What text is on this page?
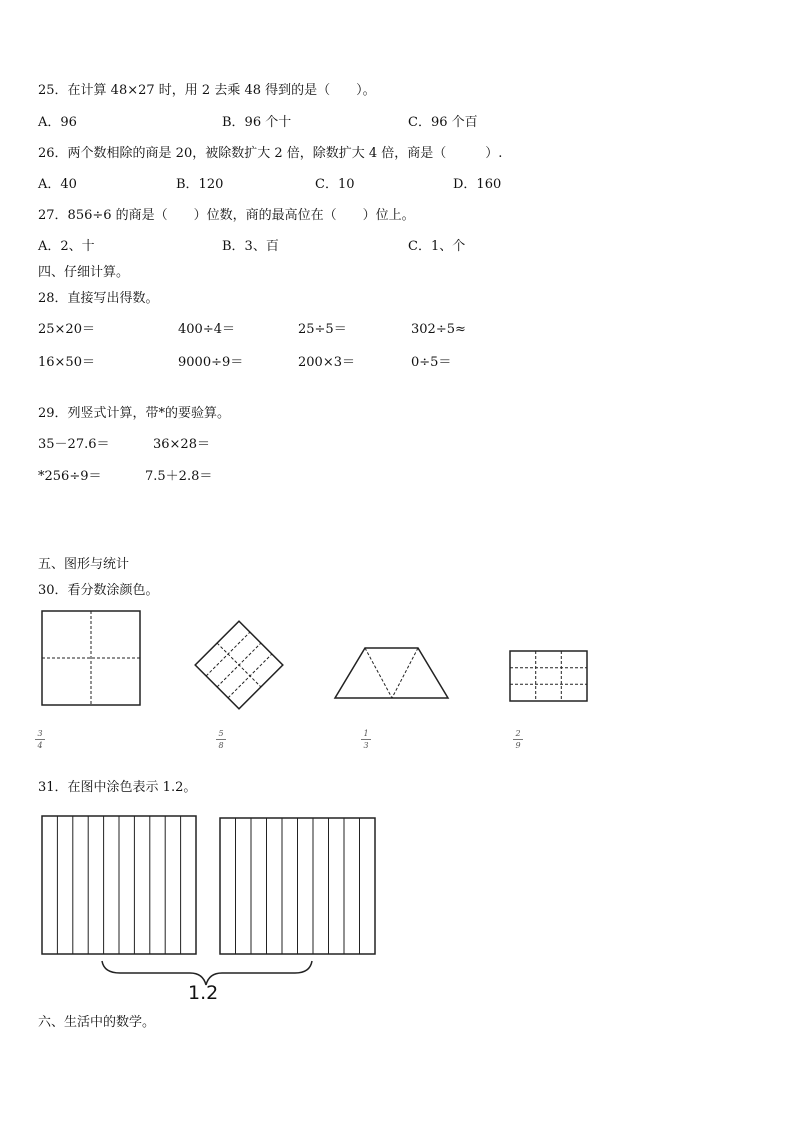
25．在计算 48×27 时，用 2 去乘 48 得到的是（　　）。
A．96	B．96 个十	C．96 个百
26．两个数相除的商是 20，被除数扩大 2 倍，除数扩大 4 倍，商是（　　　）.
A．40	B．120	C．10	D．160
27．856÷6 的商是（　　）位数，商的最高位在（　　）位上。
A．2、十	B．3、百	C．1、个
四、仔细计算。
28．直接写出得数。
25×20＝	400÷4＝	25÷5＝	302÷5≈
16×50＝	9000÷9＝	200×3＝	0÷5＝
29．列竖式计算，带*的要验算。
35－27.6＝	36×28＝
*256÷9＝	7.5＋2.8＝
五、图形与统计
30．看分数涂颜色。
3
4
5
8
1
3
2
9
31．在图中涂色表示 1.2。
1.2
六、生活中的数学。
